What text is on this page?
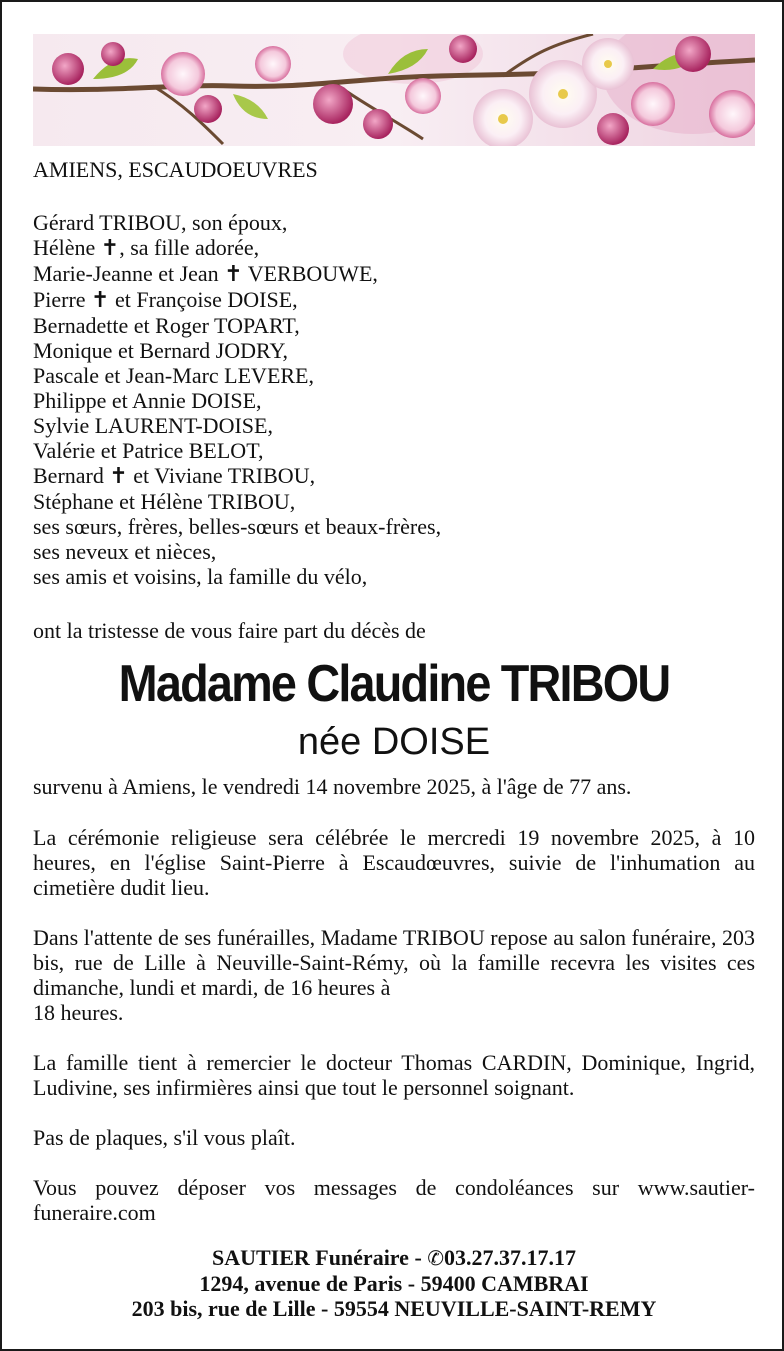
AMIENS, ESCAUDOEUVRES
Gérard TRIBOU, son époux,
Hélène ✝, sa fille adorée,
Marie-Jeanne et Jean ✝ VERBOUWE,
Pierre ✝ et Françoise DOISE,
Bernadette et Roger TOPART,
Monique et Bernard JODRY,
Pascale et Jean-Marc LEVERE,
Philippe et Annie DOISE,
Sylvie LAURENT-DOISE,
Valérie et Patrice BELOT,
Bernard ✝ et Viviane TRIBOU,
Stéphane et Hélène TRIBOU,
ses sœurs, frères, belles-sœurs et beaux-frères,
ses neveux et nièces,
ses amis et voisins, la famille du vélo,
ont la tristesse de vous faire part du décès de
Madame Claudine TRIBOU
née DOISE
survenu à Amiens, le vendredi 14 novembre 2025, à l'âge de 77 ans.
La cérémonie religieuse sera célébrée le mercredi 19 novembre 2025, à 10 heures, en l'église Saint-Pierre à Escaudœuvres, suivie de l'inhumation au cimetière dudit lieu.
Dans l'attente de ses funérailles, Madame TRIBOU repose au salon funéraire, 203 bis, rue de Lille à Neuville-Saint-Rémy, où la famille recevra les visites ces dimanche, lundi et mardi, de 16 heures à
18 heures.
La famille tient à remercier le docteur Thomas CARDIN, Dominique, Ingrid, Ludivine, ses infirmières ainsi que tout le personnel soignant.
Pas de plaques, s'il vous plaît.
Vous pouvez déposer vos messages de condoléances sur www.sautier-funeraire.com
SAUTIER Funéraire - ✆03.27.37.17.17
1294, avenue de Paris - 59400 CAMBRAI
203 bis, rue de Lille - 59554 NEUVILLE-SAINT-REMY
